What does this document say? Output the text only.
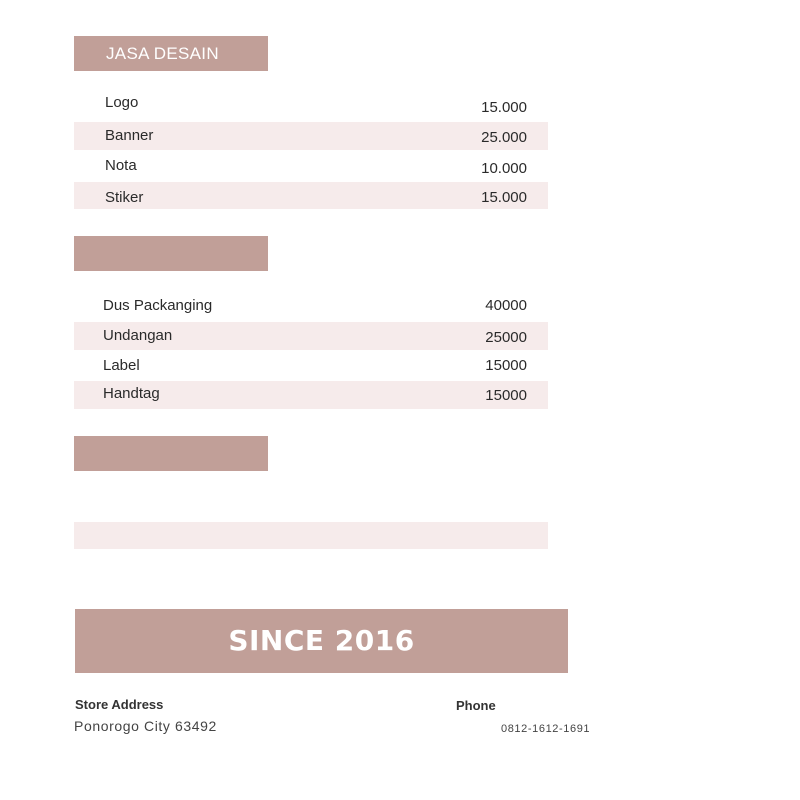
JASA DESAIN
Logo	15.000
Banner	25.000
Nota	10.000
Stiker	15.000
Dus Packanging	40000
Undangan	25000
Label	15000
Handtag	15000
SINCE 2016
Store Address
Ponorogo City 63492
Phone
0812-1612-1691
